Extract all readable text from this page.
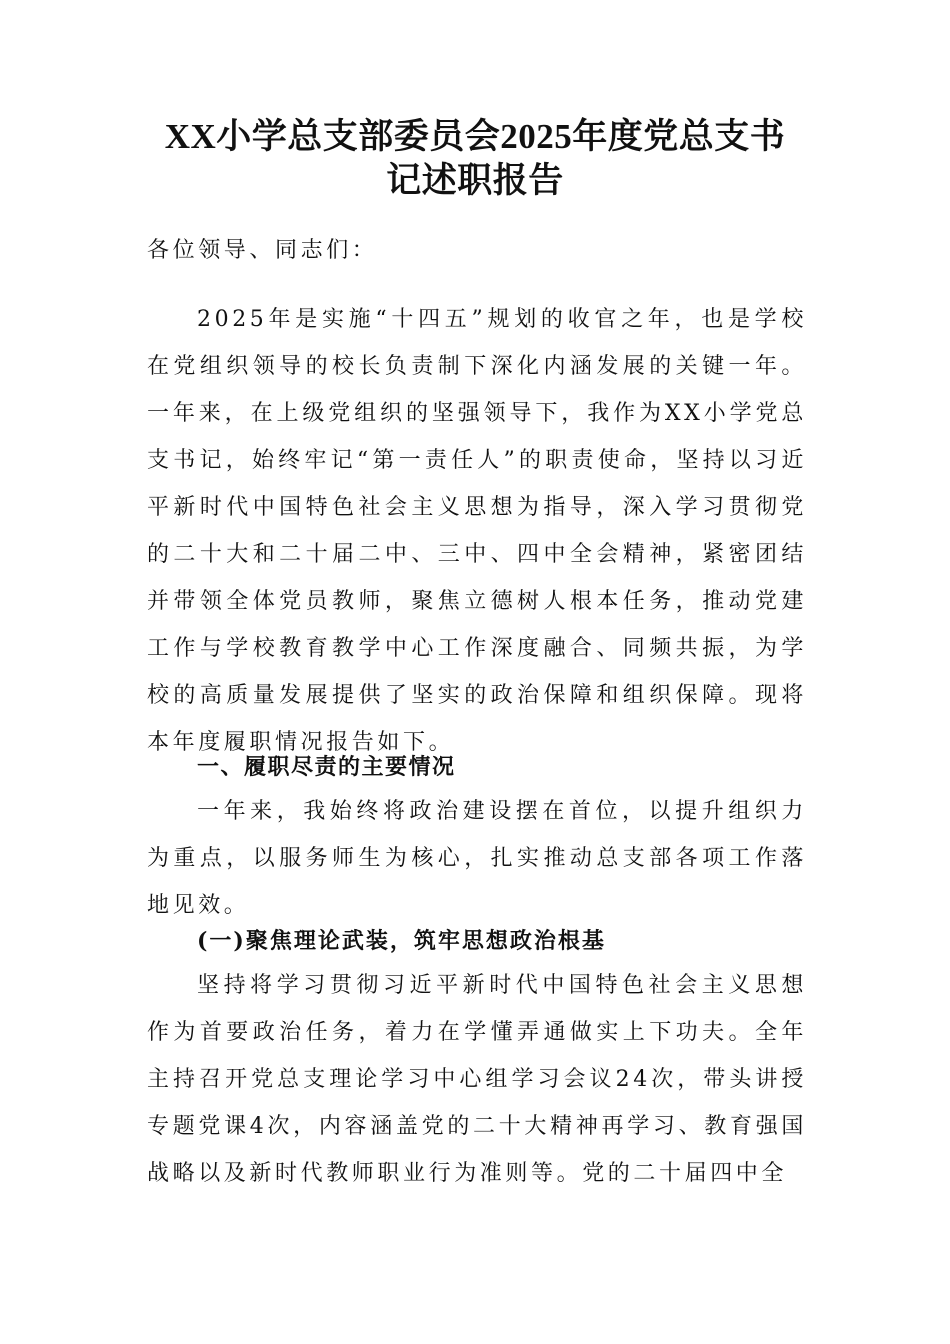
XX小学总支部委员会2025年度党总支书
记述职报告

各位领导、同志们：

2025年是实施“十四五”规划的收官之年，也是学校在党组织领导的校长负责制下深化内涵发展的关键一年。一年来，在上级党组织的坚强领导下，我作为XX小学党总支书记，始终牢记“第一责任人”的职责使命，坚持以习近平新时代中国特色社会主义思想为指导，深入学习贯彻党的二十大和二十届二中、三中、四中全会精神，紧密团结并带领全体党员教师，聚焦立德树人根本任务，推动党建工作与学校教育教学中心工作深度融合、同频共振，为学校的高质量发展提供了坚实的政治保障和组织保障。现将本年度履职情况报告如下。

一、履职尽责的主要情况

一年来，我始终将政治建设摆在首位，以提升组织力为重点，以服务师生为核心，扎实推动总支部各项工作落地见效。

(一)聚焦理论武装，筑牢思想政治根基

坚持将学习贯彻习近平新时代中国特色社会主义思想作为首要政治任务，着力在学懂弄通做实上下功夫。全年主持召开党总支理论学习中心组学习会议24次，带头讲授专题党课4次，内容涵盖党的二十大精神再学习、教育强国战略以及新时代教师职业行为准则等。党的二十届四中全
